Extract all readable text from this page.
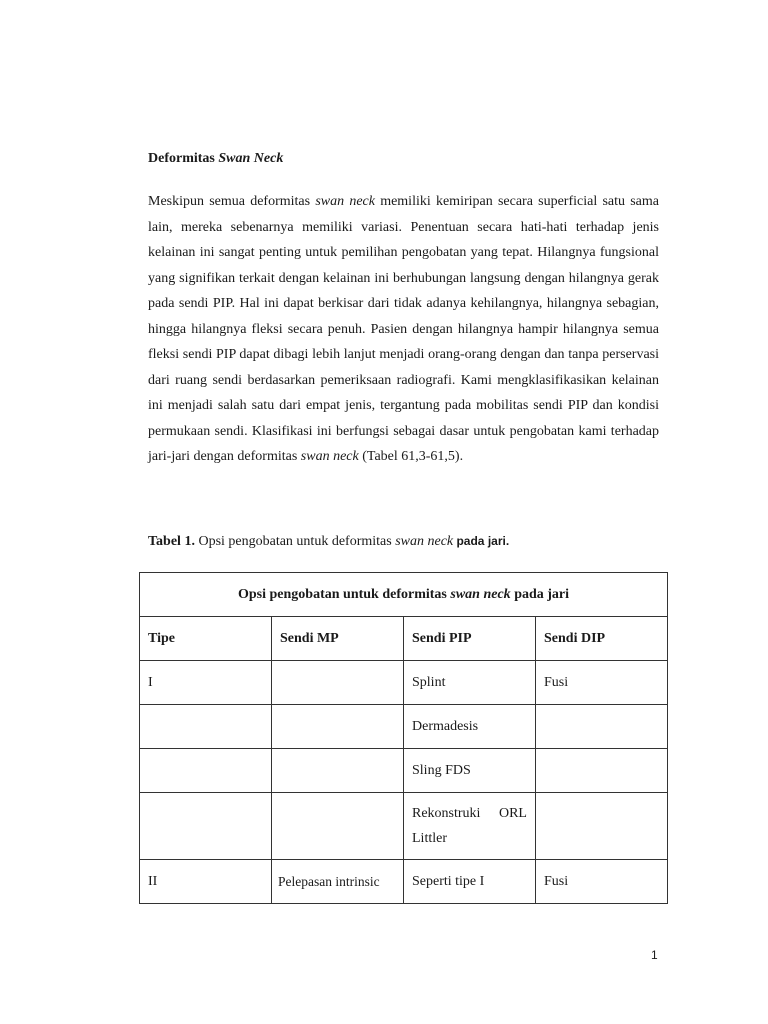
Deformitas Swan Neck
Meskipun semua deformitas swan neck memiliki kemiripan secara superficial satu sama lain, mereka sebenarnya memiliki variasi. Penentuan secara hati-hati terhadap jenis kelainan ini sangat penting untuk pemilihan pengobatan yang tepat. Hilangnya fungsional yang signifikan terkait dengan kelainan ini berhubungan langsung dengan hilangnya gerak pada sendi PIP. Hal ini dapat berkisar dari tidak adanya kehilangnya, hilangnya sebagian, hingga hilangnya fleksi secara penuh. Pasien dengan hilangnya hampir hilangnya semua fleksi sendi PIP dapat dibagi lebih lanjut menjadi orang-orang dengan dan tanpa perservasi dari ruang sendi berdasarkan pemeriksaan radiografi. Kami mengklasifikasikan kelainan ini menjadi salah satu dari empat jenis, tergantung pada mobilitas sendi PIP dan kondisi permukaan sendi. Klasifikasi ini berfungsi sebagai dasar untuk pengobatan kami terhadap jari-jari dengan deformitas swan neck (Tabel 61,3-61,5).
Tabel 1. Opsi pengobatan untuk deformitas swan neck pada jari.
Opsi pengobatan untuk deformitas swan neck pada jari			
Tipe	Sendi MP	Sendi PIP	Sendi DIP
I		Splint	Fusi
		Dermadesis	
		Sling FDS	
		Rekonstruki ORL Littler	
II	Pelepasan intrinsic	Seperti tipe I	Fusi
1
